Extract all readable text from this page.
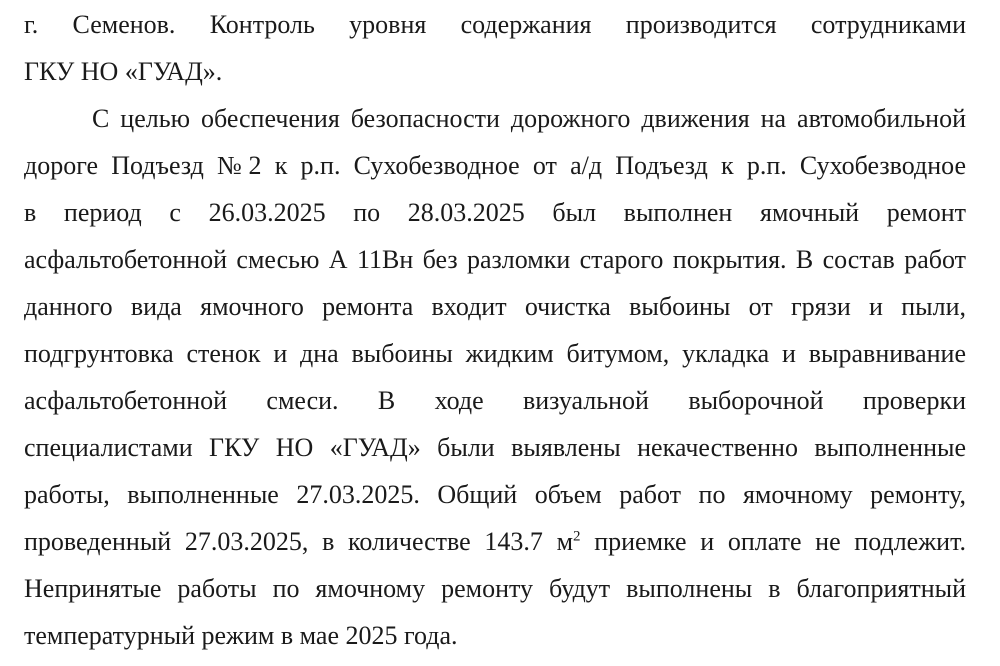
г. Семенов. Контроль уровня содержания производится сотрудниками
ГКУ НО «ГУАД».
С целью обеспечения безопасности дорожного движения на автомобильной
дороге Подъезд №2 к р.п. Сухобезводное от а/д Подъезд к р.п. Сухобезводное
в период с 26.03.2025 по 28.03.2025 был выполнен ямочный ремонт
асфальтобетонной смесью А 11Вн без разломки старого покрытия. В состав работ
данного вида ямочного ремонта входит очистка выбоины от грязи и пыли,
подгрунтовка стенок и дна выбоины жидким битумом, укладка и выравнивание
асфальтобетонной смеси. В ходе визуальной выборочной проверки
специалистами ГКУ НО «ГУАД» были выявлены некачественно выполненные
работы, выполненные 27.03.2025. Общий объем работ по ямочному ремонту,
проведенный 27.03.2025, в количестве 143.7 $м^2$ приемке и оплате не подлежит.
Непринятые работы по ямочному ремонту будут выполнены в благоприятный
температурный режим в мае 2025 года.
